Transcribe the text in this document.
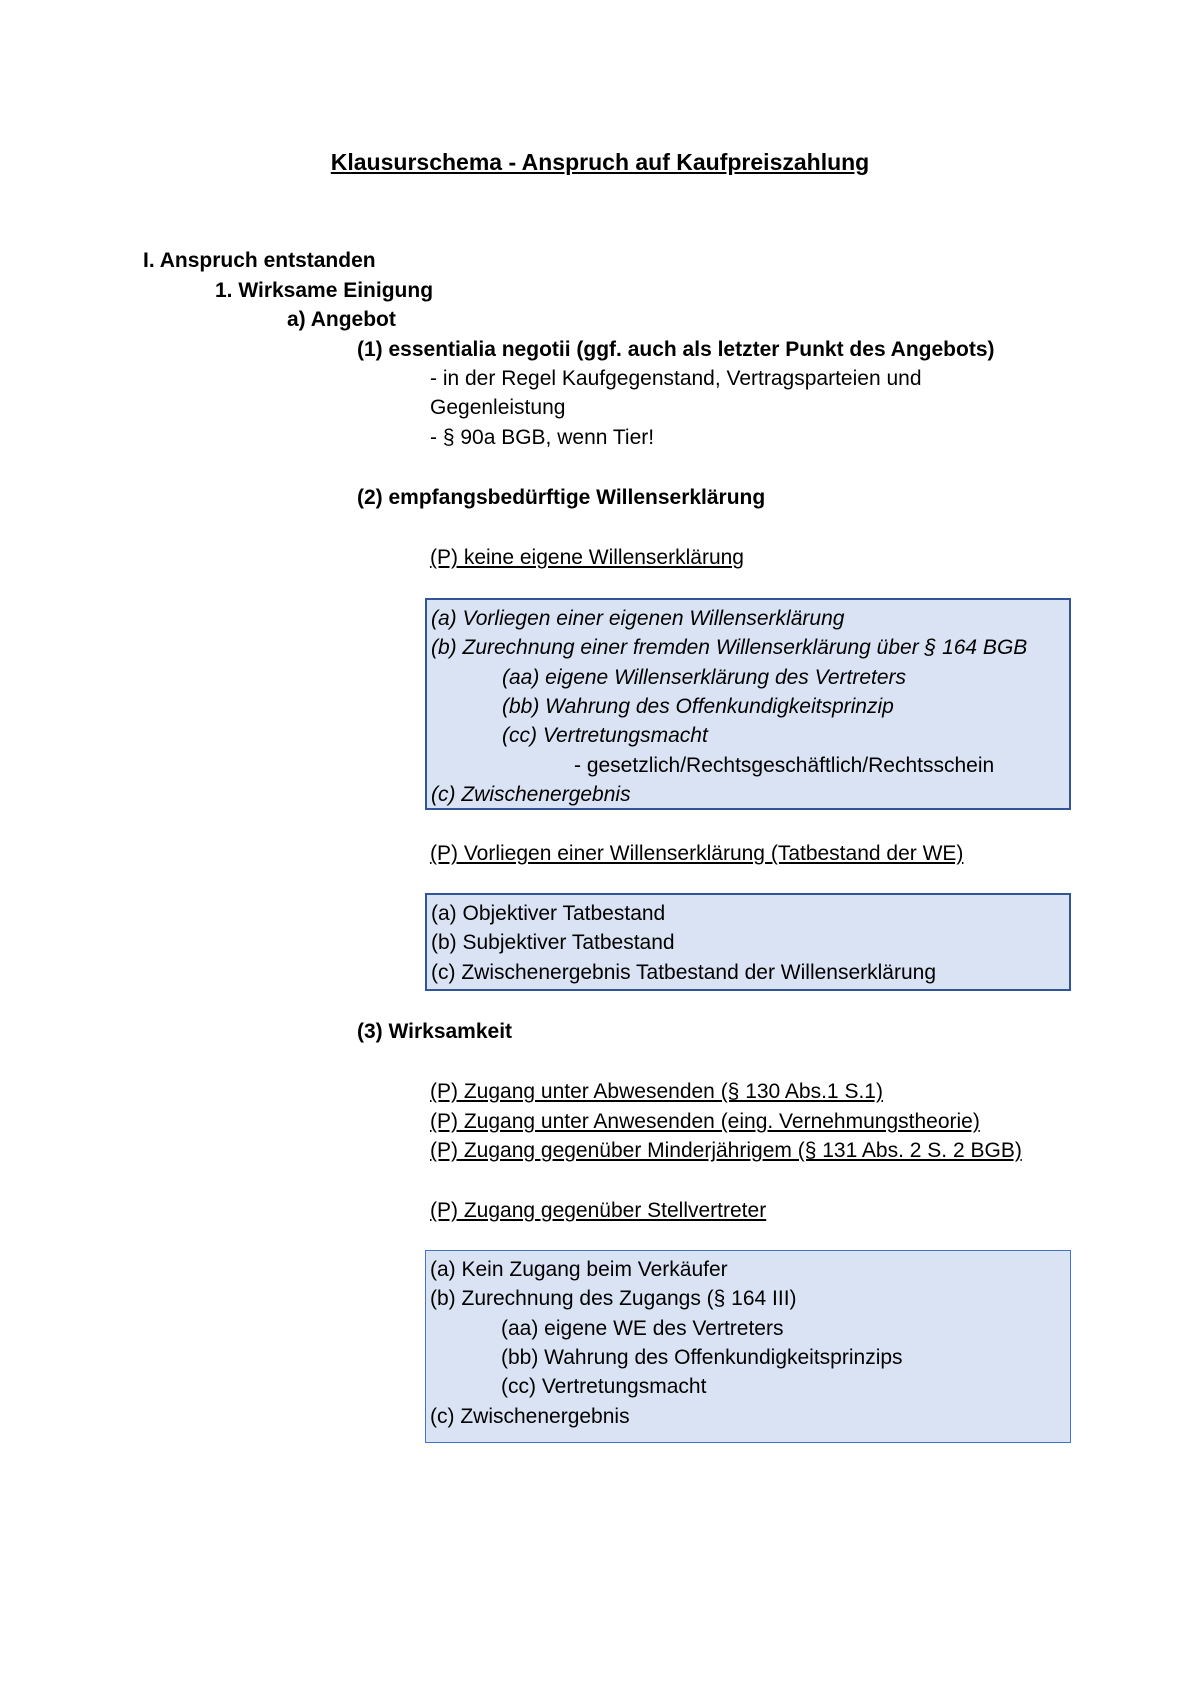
Klausurschema - Anspruch auf Kaufpreiszahlung
I. Anspruch entstanden
1. Wirksame Einigung
a) Angebot
(1) essentialia negotii (ggf. auch als letzter Punkt des Angebots)
- in der Regel Kaufgegenstand, Vertragsparteien und
Gegenleistung
- § 90a BGB, wenn Tier!
(2) empfangsbedürftige Willenserklärung
(P) keine eigene Willenserklärung
(a) Vorliegen einer eigenen Willenserklärung
(b) Zurechnung einer fremden Willenserklärung über § 164 BGB
(aa) eigene Willenserklärung des Vertreters
(bb) Wahrung des Offenkundigkeitsprinzip
(cc) Vertretungsmacht
- gesetzlich/Rechtsgeschäftlich/Rechtsschein
(c) Zwischenergebnis
(P) Vorliegen einer Willenserklärung (Tatbestand der WE)
(a) Objektiver Tatbestand
(b) Subjektiver Tatbestand
(c) Zwischenergebnis Tatbestand der Willenserklärung
(3) Wirksamkeit
(P) Zugang unter Abwesenden (§ 130 Abs.1 S.1)
(P) Zugang unter Anwesenden (eing. Vernehmungstheorie)
(P) Zugang gegenüber Minderjährigem (§ 131 Abs. 2 S. 2 BGB)
(P) Zugang gegenüber Stellvertreter
(a) Kein Zugang beim Verkäufer
(b) Zurechnung des Zugangs (§ 164 III)
(aa) eigene WE des Vertreters
(bb) Wahrung des Offenkundigkeitsprinzips
(cc) Vertretungsmacht
(c) Zwischenergebnis
